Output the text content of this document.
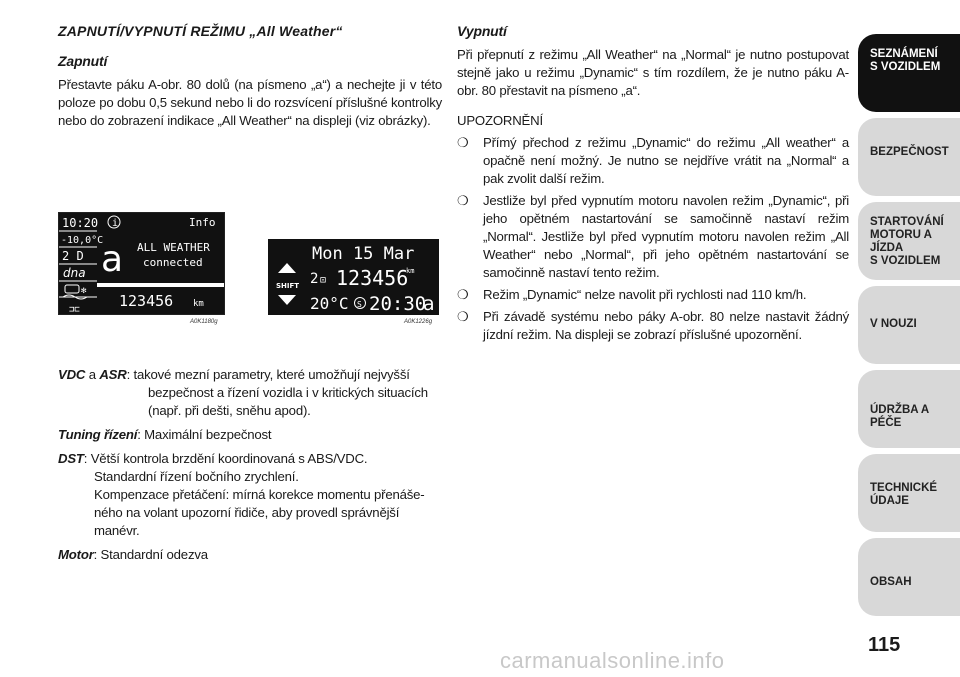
ZAPNUTÍ/VYPNUTÍ REŽIMU „All Weather“
Zapnutí

Přestavte páku A-obr. 80 dolů (na písmeno „a“) a nechejte ji v této poloze po dobu 0,5 sekund nebo li do rozsvícení příslušné kontrolky nebo do zobrazení indikace „All Weather“ na displeji (viz obrázky).

10:20 i	Info
-10,0°C
2 D
dna
✻
⊐⊏
a ALL WEATHER
connected
123456 km
A0K1180g
Mon 15 Mar
SHIFT 2 ⊡ 123456
km
20°C S 20:30
a
A0K1226g
VDC a ASR: takové mezní parametry, které umožňují nejvyšší
bezpečnost a řízení vozidla i v kritických situacích
(např. při dešti, sněhu apod).
Tuning řízení: Maximální bezpečnost
DST: Větší kontrola brzdění koordinovaná s ABS/VDC.
Standardní řízení bočního zrychlení.
Kompenzace přetáčení: mírná korekce momentu přenáše-
ného na volant upozorní řidiče, aby provedl správnější
manévr.
Motor: Standardní odezva
Vypnutí

Při přepnutí z režimu „All Weather“ na „Normal“ je nutno postupovat stejně jako u režimu „Dynamic“ s tím rozdílem, že je nutno páku A-obr. 80 přestavit na písmeno „a“.

UPOZORNĚNÍ
❍ Přímý přechod z režimu „Dynamic“ do režimu „All weather“ a opačně není možný. Je nutno se nejdříve vrátit na „Normal“ a pak zvolit další režim.
❍ Jestliže byl před vypnutím motoru navolen režim „Dynamic“, při jeho opětném nastartování se samočinně nastaví režim „Normal“. Jestliže byl před vypnutím motoru navolen režim „All Weather“ nebo „Normal“, při jeho opětném nastartování se samočinně nastaví tento režim.
❍ Režim „Dynamic“ nelze navolit při rychlosti nad 110 km/h.
❍ Při závadě systému nebo páky A-obr. 80 nelze nastavit žádný jízdní režim. Na displeji se zobrazí příslušné upozornění.
SEZNÁMENÍ
S VOZIDLEM
BEZPEČNOST
STARTOVÁNÍ
MOTORU A JÍZDA
S VOZIDLEM
V NOUZI
ÚDRŽBA A PÉČE
TECHNICKÉ
ÚDAJE
OBSAH
115
carmanualsonline.info
